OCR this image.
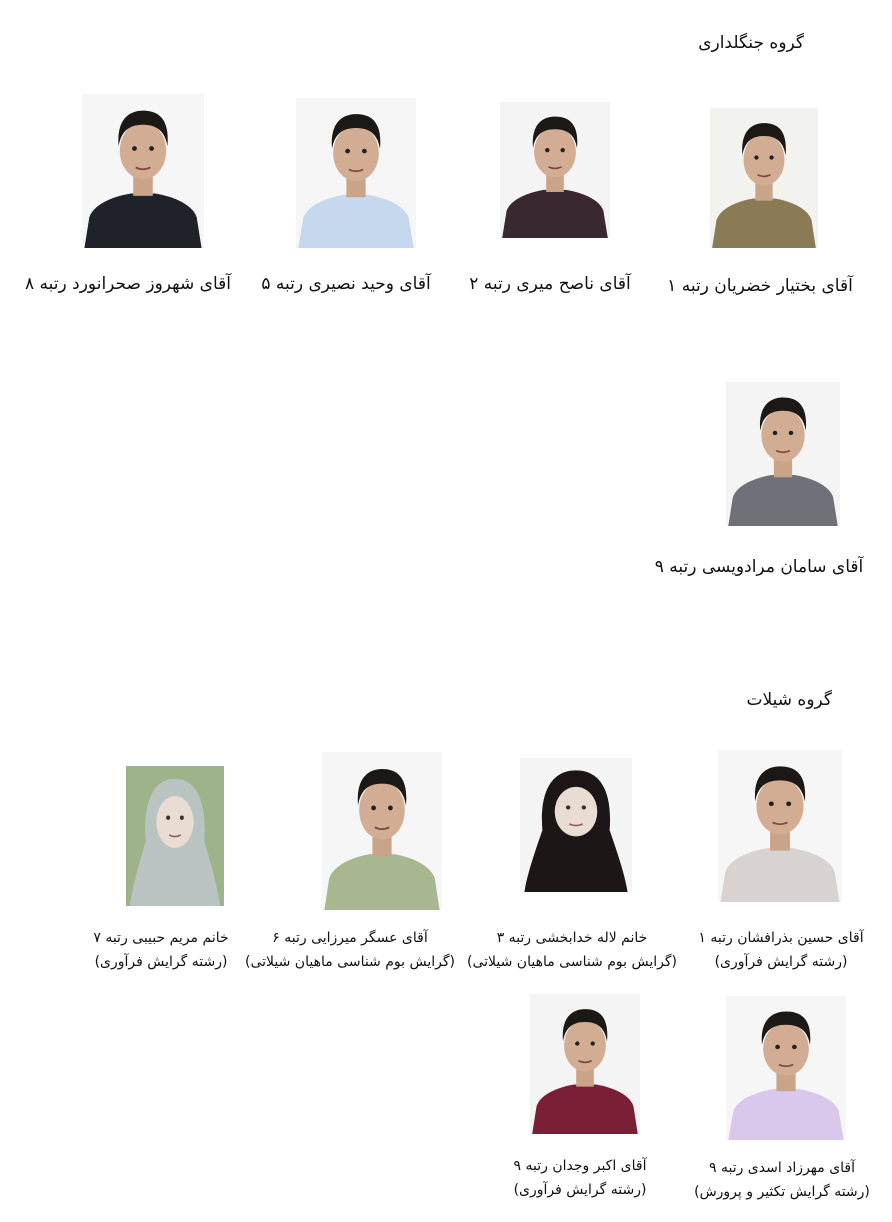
گروه جنگلداری
گروه شیلات
آقای بختیار خضریان رتبه ۱
آقای ناصح میری رتبه ۲
آقای وحید نصیری رتبه ۵
آقای شهروز صحرانورد رتبه ۸
آقای سامان مرادویسی رتبه ۹
آقای حسین بذرافشان رتبه ۱
(رشته گرایش فرآوری)
خانم لاله خدابخشی رتبه ۳
(گرایش بوم شناسی ماهیان شیلاتی)
آقای عسگر میرزایی رتبه ۶
(گرایش بوم شناسی ماهیان شیلاتی)
خانم مریم حبیبی رتبه ۷
(رشته گرایش فرآوری)
آقای مهرزاد اسدی رتبه ۹
(رشته گرایش تکثیر و پرورش)
آقای اکبر وجدان رتبه ۹
(رشته گرایش فرآوری)
